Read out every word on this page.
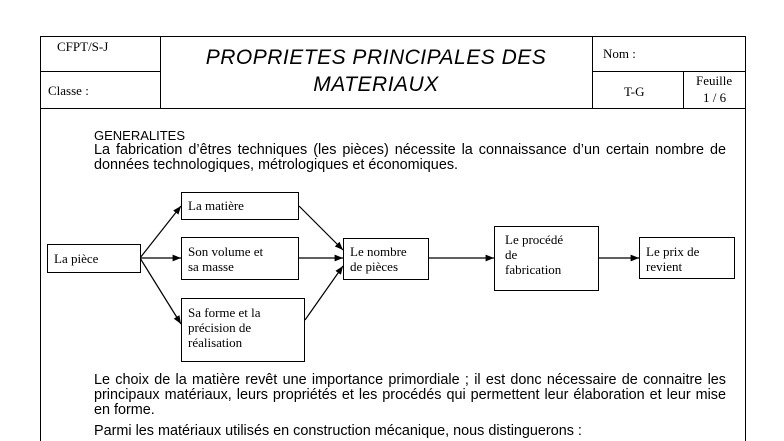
CFPT/S-J
Classe :
PROPRIETES PRINCIPALES DES
MATERIAUX
Nom :
T-G
Feuille
1 / 6
GENERALITES
La fabrication d’êtres techniques (les pièces) nécessite la connaissance d’un certain nombre de données technologiques, métrologiques et économiques.
La pièce
La matière
Son volume et
sa masse
Sa forme et la
précision de
réalisation
Le nombre
de pièces
Le procédé
de
fabrication
Le prix de
revient
Le choix de la matière revêt une importance primordiale ; il est donc nécessaire de connaitre les principaux matériaux, leurs propriétés et les procédés qui permettent leur élaboration et leur mise en forme.
Parmi les matériaux utilisés en construction mécanique, nous distinguerons :
